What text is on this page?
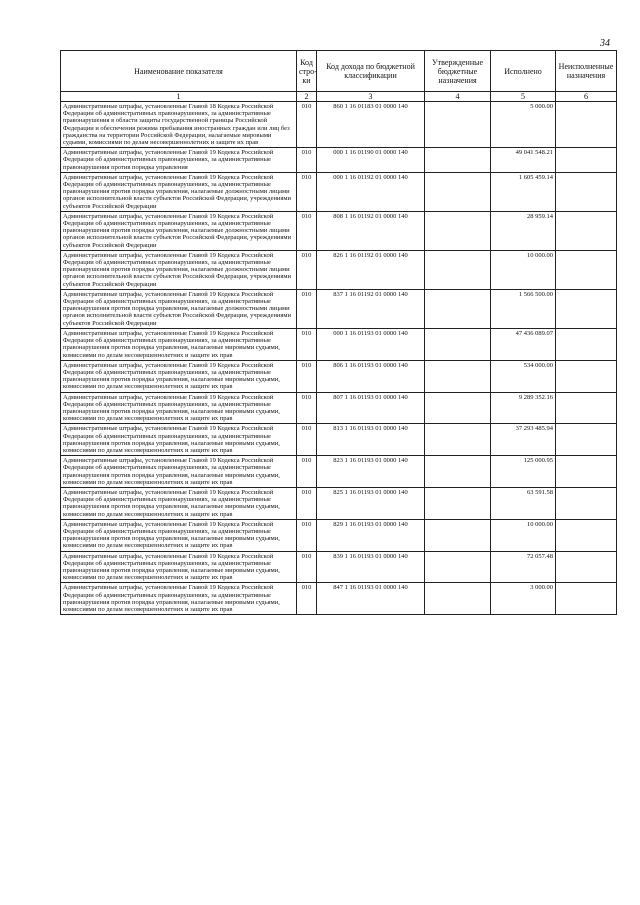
34
Наименование показателя	Код стро-ки	Код дохода по бюджетной классификации	Утвержденные бюджетные назначения	Исполнено	Неисполненные назначения
1	2	3	4	5	6
Административные штрафы, установленные Главой 18 Кодекса Российской Федерации об административных правонарушениях, за административные правонарушения в области защиты государственной границы Российской Федерации и обеспечения режима пребывания иностранных граждан или лиц без гражданства на территории Российской Федерации, налагаемые мировыми судьями, комиссиями по делам несовершеннолетних и защите их прав	010	860 1 16 01183 01 0000 140		5 000.00	
Административные штрафы, установленные Главой 19 Кодекса Российской Федерации об административных правонарушениях, за административные правонарушения против порядка управления	010	000 1 16 01190 01 0000 140		49 041 548.21	
Административные штрафы, установленные Главой 19 Кодекса Российской Федерации об административных правонарушениях, за административные правонарушения против порядка управления, налагаемые должностными лицами органов исполнительной власти субъектов Российской Федерации, учреждениями субъектов Российской Федерации	010	000 1 16 01192 01 0000 140		1 605 459.14	
Административные штрафы, установленные Главой 19 Кодекса Российской Федерации об административных правонарушениях, за административные правонарушения против порядка управления, налагаемые должностными лицами органов исполнительной власти субъектов Российской Федерации, учреждениями субъектов Российской Федерации	010	808 1 16 01192 01 0000 140		28 959.14	
Административные штрафы, установленные Главой 19 Кодекса Российской Федерации об административных правонарушениях, за административные правонарушения против порядка управления, налагаемые должностными лицами органов исполнительной власти субъектов Российской Федерации, учреждениями субъектов Российской Федерации	010	826 1 16 01192 01 0000 140		10 000.00	
Административные штрафы, установленные Главой 19 Кодекса Российской Федерации об административных правонарушениях, за административные правонарушения против порядка управления, налагаемые должностными лицами органов исполнительной власти субъектов Российской Федерации, учреждениями субъектов Российской Федерации	010	837 1 16 01192 01 0000 140		1 566 500.00	
Административные штрафы, установленные Главой 19 Кодекса Российской Федерации об административных правонарушениях, за административные правонарушения против порядка управления, налагаемые мировыми судьями, комиссиями по делам несовершеннолетних и защите их прав	010	000 1 16 01193 01 0000 140		47 436 089.07	
Административные штрафы, установленные Главой 19 Кодекса Российской Федерации об административных правонарушениях, за административные правонарушения против порядка управления, налагаемые мировыми судьями, комиссиями по делам несовершеннолетних и защите их прав	010	806 1 16 01193 01 0000 140		534 000.00	
Административные штрафы, установленные Главой 19 Кодекса Российской Федерации об административных правонарушениях, за административные правонарушения против порядка управления, налагаемые мировыми судьями, комиссиями по делам несовершеннолетних и защите их прав	010	807 1 16 01193 01 0000 140		9 289 352.16	
Административные штрафы, установленные Главой 19 Кодекса Российской Федерации об административных правонарушениях, за административные правонарушения против порядка управления, налагаемые мировыми судьями, комиссиями по делам несовершеннолетних и защите их прав	010	813 1 16 01193 01 0000 140		37 293 485.94	
Административные штрафы, установленные Главой 19 Кодекса Российской Федерации об административных правонарушениях, за административные правонарушения против порядка управления, налагаемые мировыми судьями, комиссиями по делам несовершеннолетних и защите их прав	010	823 1 16 01193 01 0000 140		125 000.95	
Административные штрафы, установленные Главой 19 Кодекса Российской Федерации об административных правонарушениях, за административные правонарушения против порядка управления, налагаемые мировыми судьями, комиссиями по делам несовершеннолетних и защите их прав	010	825 1 16 01193 01 0000 140		63 591.58	
Административные штрафы, установленные Главой 19 Кодекса Российской Федерации об административных правонарушениях, за административные правонарушения против порядка управления, налагаемые мировыми судьями, комиссиями по делам несовершеннолетних и защите их прав	010	829 1 16 01193 01 0000 140		10 000.00	
Административные штрафы, установленные Главой 19 Кодекса Российской Федерации об административных правонарушениях, за административные правонарушения против порядка управления, налагаемые мировыми судьями, комиссиями по делам несовершеннолетних и защите их прав	010	839 1 16 01193 01 0000 140		72 057.48	
Административные штрафы, установленные Главой 19 Кодекса Российской Федерации об административных правонарушениях, за административные правонарушения против порядка управления, налагаемые мировыми судьями, комиссиями по делам несовершеннолетних и защите их прав	010	847 1 16 01193 01 0000 140		3 000.00	
